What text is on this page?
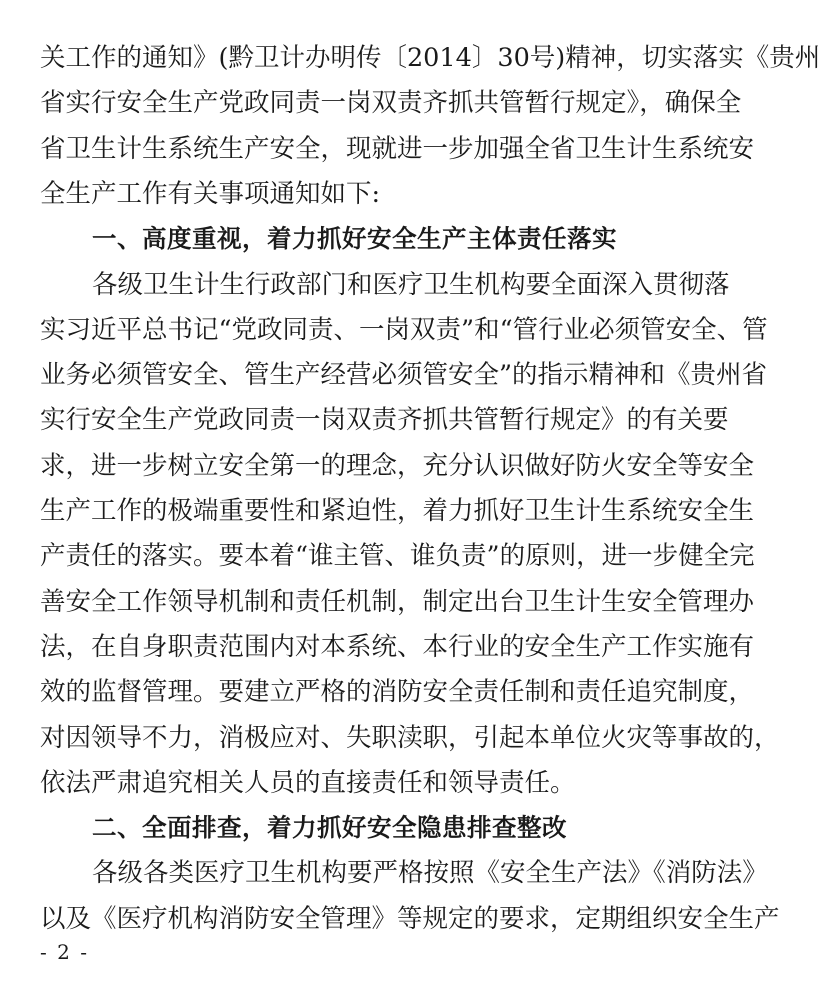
关工作的通知》(黔卫计办明传〔2014〕30号)精神，切实落实《贵州
省实行安全生产党政同责一岗双责齐抓共管暂行规定》，确保全
省卫生计生系统生产安全，现就进一步加强全省卫生计生系统安
全生产工作有关事项通知如下:
一、高度重视，着力抓好安全生产主体责任落实
各级卫生计生行政部门和医疗卫生机构要全面深入贯彻落
实习近平总书记“党政同责、一岗双责”和“管行业必须管安全、管
业务必须管安全、管生产经营必须管安全”的指示精神和《贵州省
实行安全生产党政同责一岗双责齐抓共管暂行规定》的有关要
求，进一步树立安全第一的理念，充分认识做好防火安全等安全
生产工作的极端重要性和紧迫性，着力抓好卫生计生系统安全生
产责任的落实。要本着“谁主管、谁负责”的原则，进一步健全完
善安全工作领导机制和责任机制，制定出台卫生计生安全管理办
法，在自身职责范围内对本系统、本行业的安全生产工作实施有
效的监督管理。要建立严格的消防安全责任制和责任追究制度，
对因领导不力，消极应对、失职渎职，引起本单位火灾等事故的，
依法严肃追究相关人员的直接责任和领导责任。
二、全面排查，着力抓好安全隐患排查整改
各级各类医疗卫生机构要严格按照《安全生产法》《消防法》
以及《医疗机构消防安全管理》等规定的要求，定期组织安全生产
- 2 -
